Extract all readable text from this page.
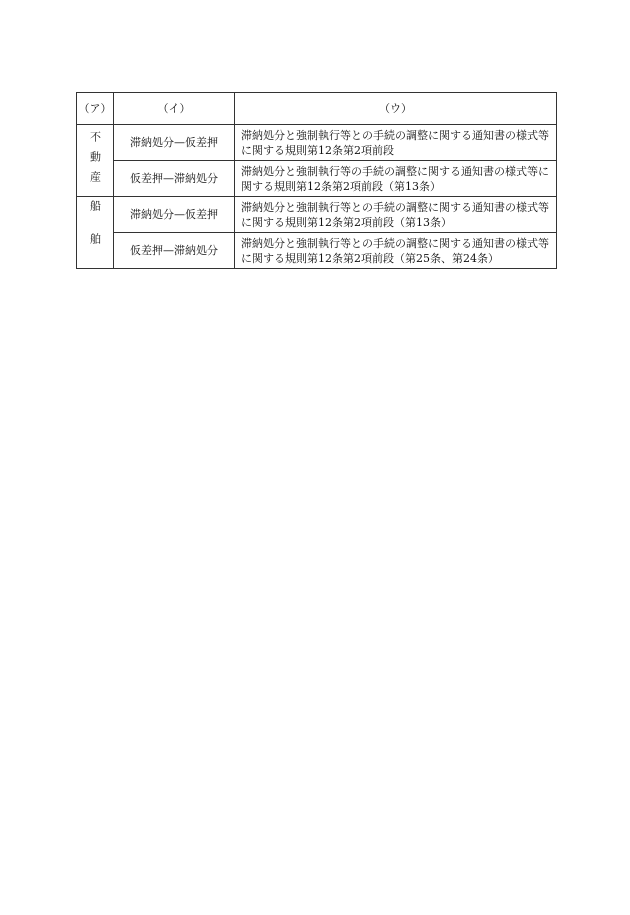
（ア）	（イ）	（ウ）

不動産	滞納処分—仮差押	滞納処分と強制執行等との手続の調整に関する通知書の様式等に関する規則第12条第2項前段
	仮差押—滞納処分	滞納処分と強制執行等の手続の調整に関する通知書の様式等に関する規則第12条第2項前段（第13条）

船舶	滞納処分—仮差押	滞納処分と強制執行等との手続の調整に関する通知書の様式等に関する規則第12条第2項前段（第13条）
	仮差押—滞納処分	滞納処分と強制執行等との手続の調整に関する通知書の様式等に関する規則第12条第2項前段（第25条、第24条）
